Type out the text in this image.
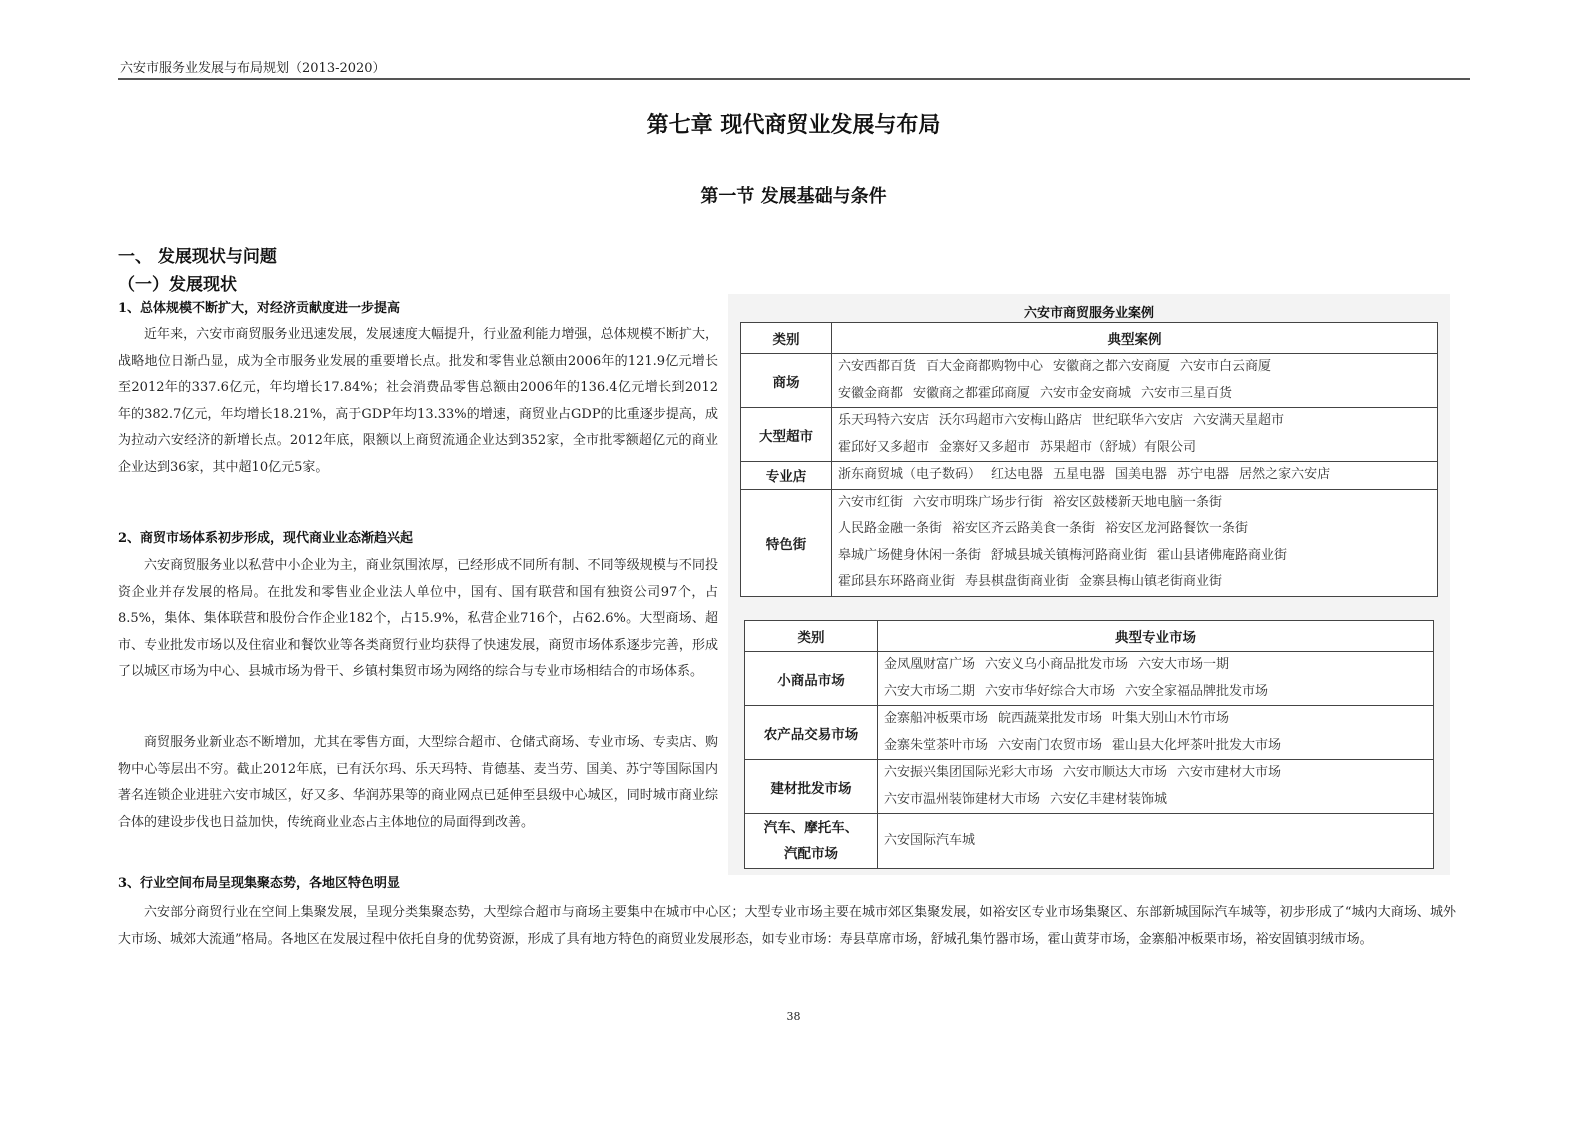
六安市服务业发展与布局规划（2013-2020）
第七章 现代商贸业发展与布局
第一节 发展基础与条件
一、 发展现状与问题
（一）发展现状
1、总体规模不断扩大，对经济贡献度进一步提高
近年来，六安市商贸服务业迅速发展，发展速度大幅提升，行业盈利能力增强，总体规模不断扩大，战略地位日渐凸显，成为全市服务业发展的重要增长点。批发和零售业总额由2006年的121.9亿元增长至2012年的337.6亿元，年均增长17.84%；社会消费品零售总额由2006年的136.4亿元增长到2012年的382.7亿元，年均增长18.21%，高于GDP年均13.33%的增速，商贸业占GDP的比重逐步提高，成为拉动六安经济的新增长点。2012年底，限额以上商贸流通企业达到352家，全市批零额超亿元的商业企业达到36家，其中超10亿元5家。
2、商贸市场体系初步形成，现代商业业态渐趋兴起
六安商贸服务业以私营中小企业为主，商业氛围浓厚，已经形成不同所有制、不同等级规模与不同投资企业并存发展的格局。在批发和零售业企业法人单位中，国有、国有联营和国有独资公司97个，占8.5%，集体、集体联营和股份合作企业182个，占15.9%，私营企业716个，占62.6%。大型商场、超市、专业批发市场以及住宿业和餐饮业等各类商贸行业均获得了快速发展，商贸市场体系逐步完善，形成了以城区市场为中心、县城市场为骨干、乡镇村集贸市场为网络的综合与专业市场相结合的市场体系。
商贸服务业新业态不断增加，尤其在零售方面，大型综合超市、仓储式商场、专业市场、专卖店、购物中心等层出不穷。截止2012年底，已有沃尔玛、乐天玛特、肯德基、麦当劳、国美、苏宁等国际国内著名连锁企业进驻六安市城区，好又多、华润苏果等的商业网点已延伸至县级中心城区，同时城市商业综合体的建设步伐也日益加快，传统商业业态占主体地位的局面得到改善。
3、行业空间布局呈现集聚态势，各地区特色明显
六安部分商贸行业在空间上集聚发展，呈现分类集聚态势，大型综合超市与商场主要集中在城市中心区；大型专业市场主要在城市郊区集聚发展，如裕安区专业市场集聚区、东部新城国际汽车城等，初步形成了“城内大商场、城外大市场、城郊大流通”格局。各地区在发展过程中依托自身的优势资源，形成了具有地方特色的商贸业发展形态，如专业市场：寿县草席市场，舒城孔集竹器市场，霍山黄芽市场，金寨船冲板栗市场，裕安固镇羽绒市场。
六安市商贸服务业案例
类别	典型案例
商场	六安西都百货 百大金商都购物中心 安徽商之都六安商厦 六安市白云商厦
安徽金商都 安徽商之都霍邱商厦 六安市金安商城 六安市三星百货

大型超市	乐天玛特六安店 沃尔玛超市六安梅山路店 世纪联华六安店 六安满天星超市
霍邱好又多超市 金寨好又多超市 苏果超市（舒城）有限公司

专业店	浙东商贸城（电子数码） 红达电器 五星电器 国美电器 苏宁电器 居然之家六安店

特色街	六安市红街 六安市明珠广场步行街 裕安区鼓楼新天地电脑一条街
人民路金融一条街 裕安区齐云路美食一条街 裕安区龙河路餐饮一条街
皋城广场健身休闲一条街 舒城县城关镇梅河路商业街 霍山县诸佛庵路商业街
霍邱县东环路商业街 寿县棋盘街商业街 金寨县梅山镇老街商业街
类别	典型专业市场
小商品市场	金凤凰财富广场 六安义乌小商品批发市场 六安大市场一期
六安大市场二期 六安市华好综合大市场 六安全家福品牌批发市场

农产品交易市场	金寨船冲板栗市场 皖西蔬菜批发市场 叶集大别山木竹市场
金寨朱堂茶叶市场 六安南门农贸市场 霍山县大化坪茶叶批发大市场

建材批发市场	六安振兴集团国际光彩大市场 六安市顺达大市场 六安市建材大市场
六安市温州装饰建材大市场 六安亿丰建材装饰城

汽车、摩托车、
汽配市场	六安国际汽车城
38
